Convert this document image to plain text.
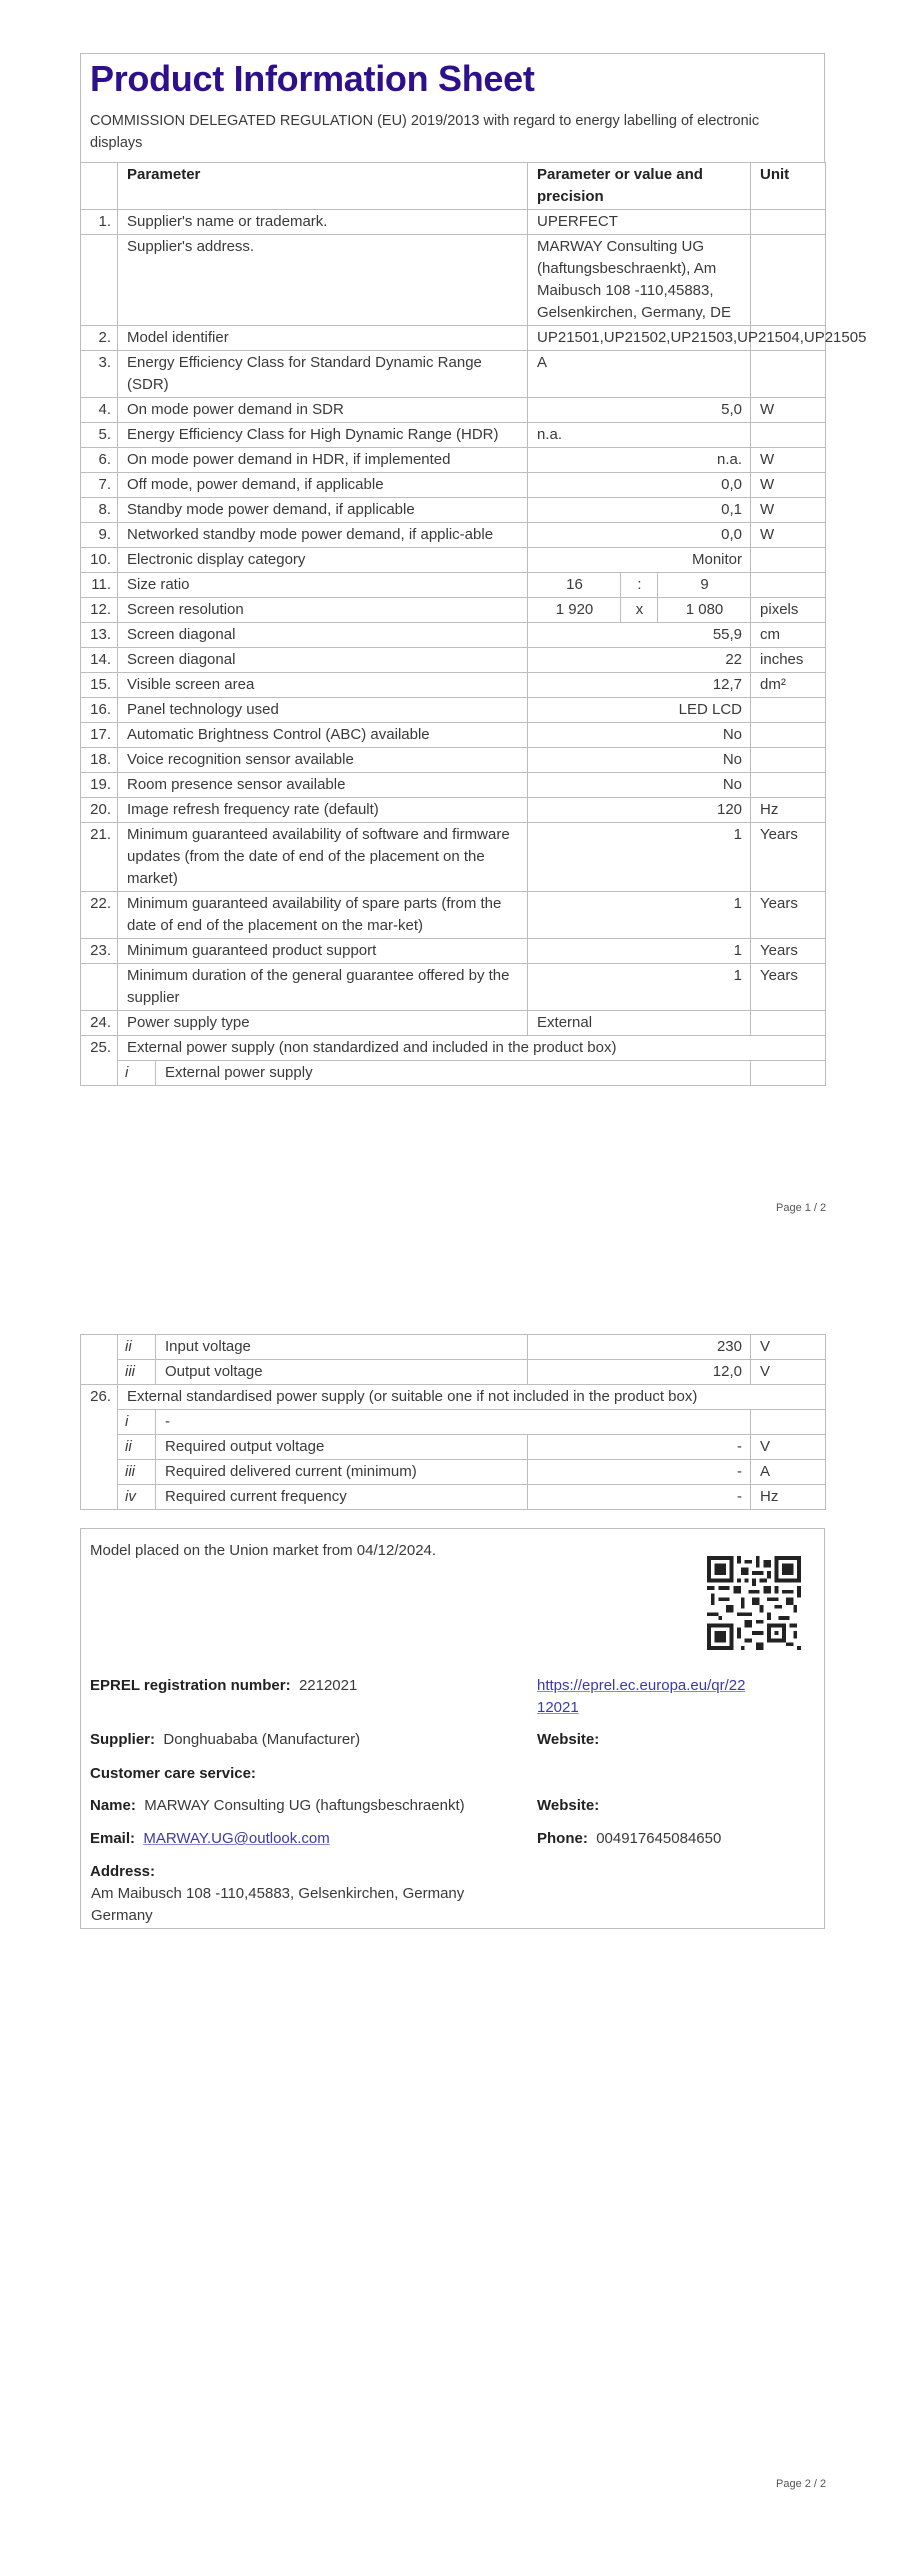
Product Information Sheet
COMMISSION DELEGATED REGULATION (EU) 2019/2013 with regard to energy labelling of electronic displays
	Parameter		Parameter or value and precision			Unit
1.	Supplier's name or trademark.		UPERFECT			
	Supplier's address.		MARWAY Consulting UG (haftungsbeschraenkt), Am Maibusch 108 -110,45883, Gelsenkirchen, Germany, DE			
2.	Model identifier		UP21501,UP21502,UP21503,UP21504,UP21505			
3.	Energy Efficiency Class for Standard Dynamic Range (SDR)		A			
4.	On mode power demand in SDR		5,0			W
5.	Energy Efficiency Class for High Dynamic Range (HDR)		n.a.			
6.	On mode power demand in HDR, if implemented		n.a.			W
7.	Off mode, power demand, if applicable		0,0			W
8.	Standby mode power demand, if applicable		0,1			W
9.	Networked standby mode power demand, if applic-able		0,0			W
10.	Electronic display category		Monitor			
11.	Size ratio		16	:	9	
12.	Screen resolution		1 920	x	1 080	pixels
13.	Screen diagonal		55,9			cm
14.	Screen diagonal		22			inches
15.	Visible screen area		12,7			dm²
16.	Panel technology used		LED LCD			
17.	Automatic Brightness Control (ABC) available		No			
18.	Voice recognition sensor available		No			
19.	Room presence sensor available		No			
20.	Image refresh frequency rate (default)		120			Hz
21.	Minimum guaranteed availability of software and firmware updates (from the date of end of the placement on the market)		1			Years
22.	Minimum guaranteed availability of spare parts (from the date of end of the placement on the mar-ket)		1			Years
23.	Minimum guaranteed product support		1			Years
	Minimum duration of the general guarantee offered by the supplier		1			Years
24.	Power supply type		External			
25.	External power supply (non standardized and included in the product box)					
	i	External power supply				
Page 1 / 2
	ii	Input voltage	230	V
	iii	Output voltage	12,0	V
26.	External standardised power supply (or suitable one if not included in the product box)			
	i	-		
	ii	Required output voltage	-	V
	iii	Required delivered current (minimum)	-	A
	iv	Required current frequency	-	Hz
Model placed on the Union market from 04/12/2024.
EPREL registration number: 2212021	https://eprel.ec.europa.eu/qr/22
12021
Supplier: Donghuababa (Manufacturer)	Website:
Customer care service:
Name: MARWAY Consulting UG (haftungsbeschraenkt)	Website:
Email: MARWAY.UG@outlook.com	Phone: 004917645084650
Address:
Am Maibusch 108 -110,45883, Gelsenkirchen, Germany
Germany
Page 2 / 2
